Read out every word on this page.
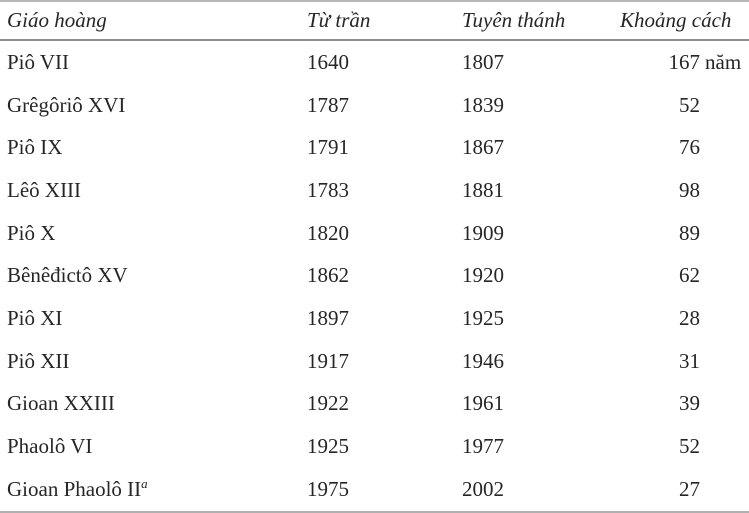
Giáo hoàng	Từ trần	Tuyên thánh	Khoảng cách
Piô VII	1640	1807	167 năm
Grêgôriô XVI	1787	1839	52
Piô IX	1791	1867	76
Lêô XIII	1783	1881	98
Piô X	1820	1909	89
Bênêđictô XV	1862	1920	62
Piô XI	1897	1925	28
Piô XII	1917	1946	31
Gioan XXIII	1922	1961	39
Phaolô VI	1925	1977	52
Gioan Phaolô $II^a$	1975	2002	27
